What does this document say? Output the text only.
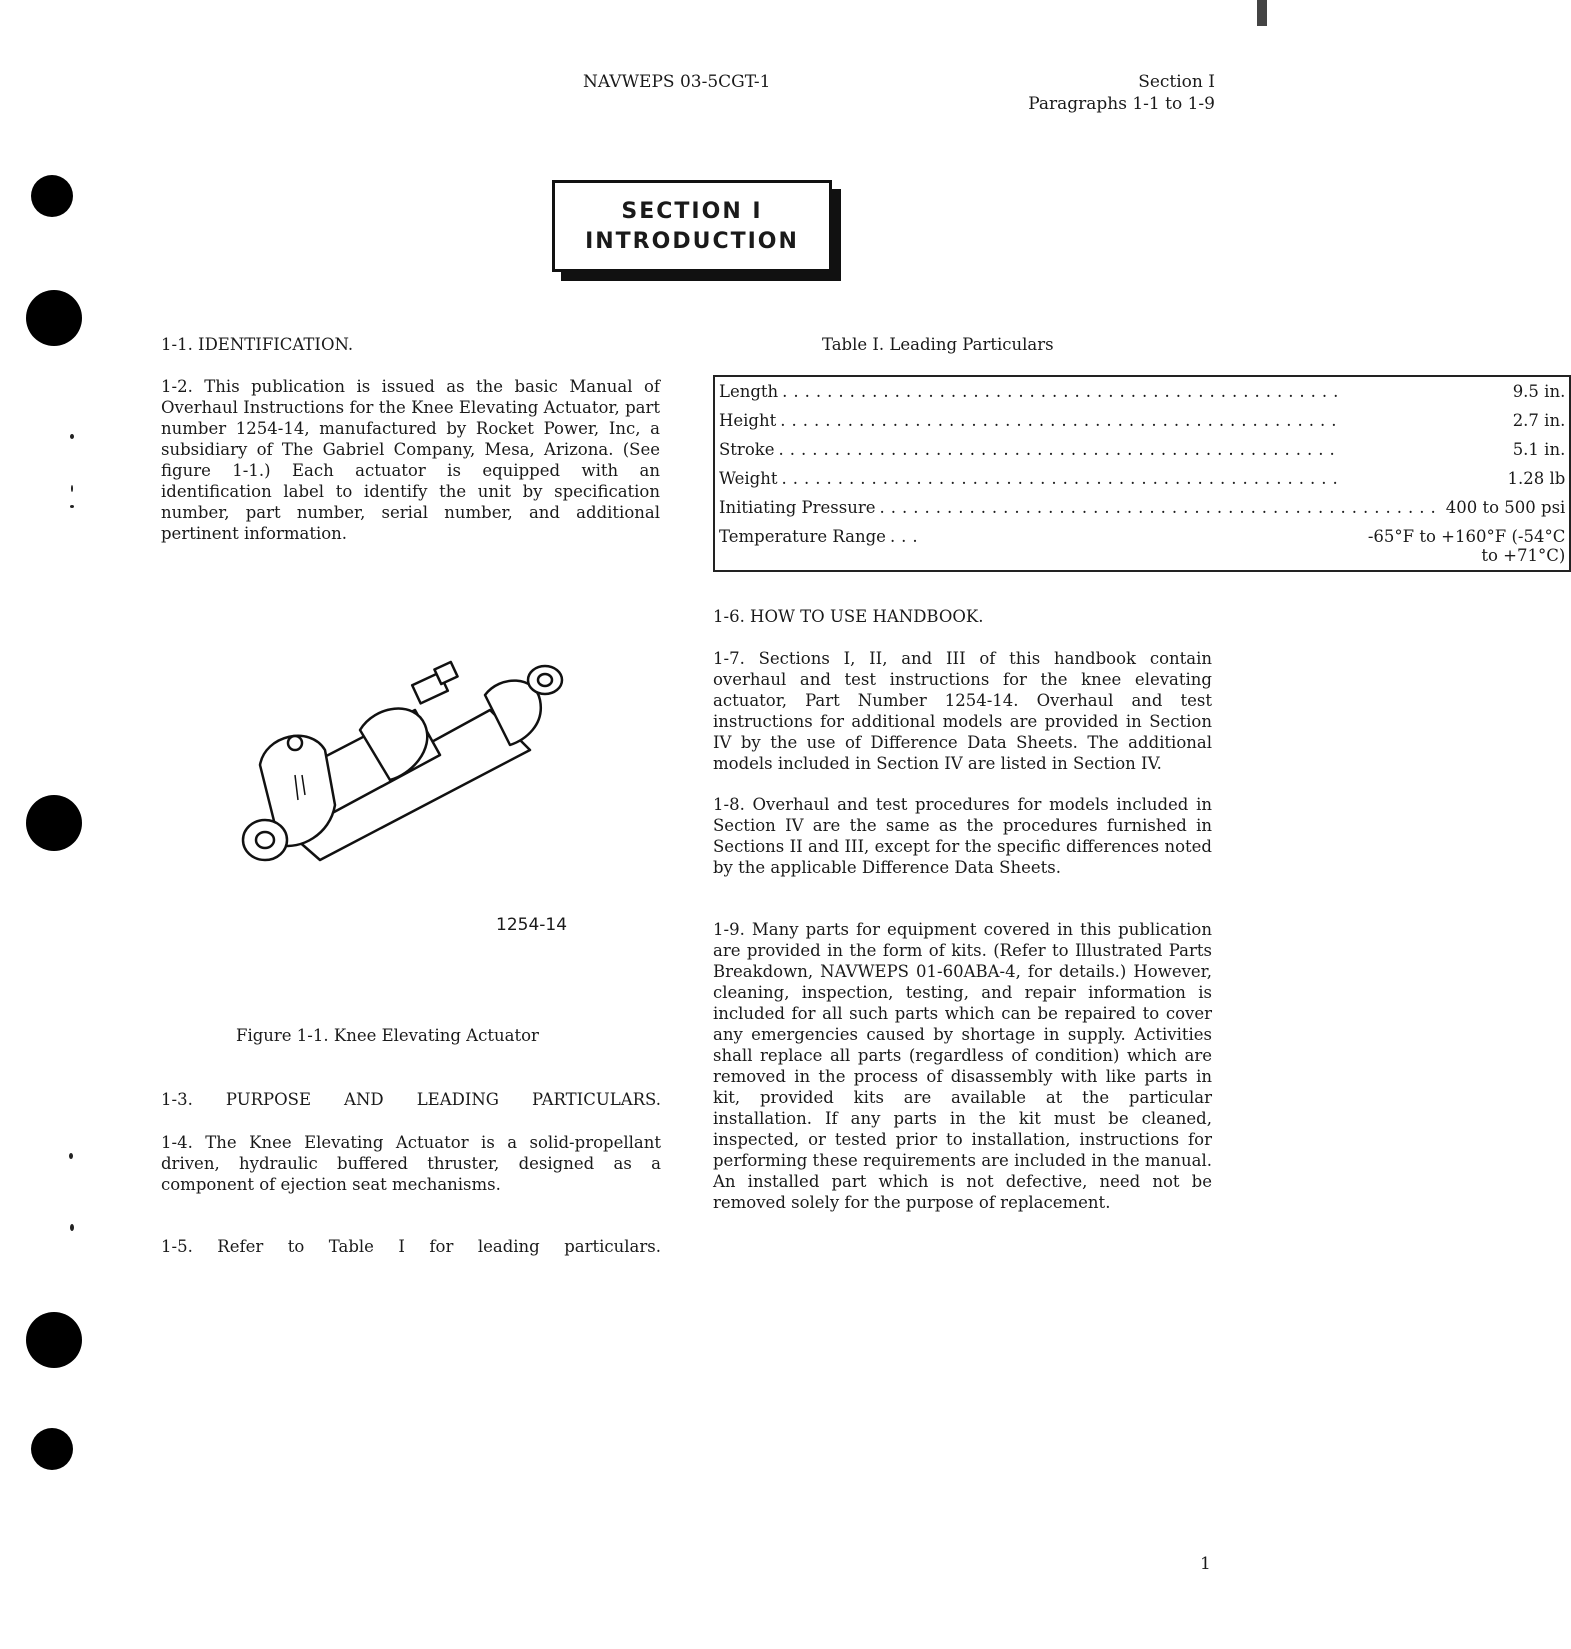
NAVWEPS 03-5CGT-1	Section I
Paragraphs 1-1 to 1-9
SECTION I
INTRODUCTION
1-1. IDENTIFICATION.

1-2. This publication is issued as the basic Manual of Overhaul Instructions for the Knee Elevating Actuator, part number 1254-14, manufactured by Rocket Power, Inc, a subsidiary of The Gabriel Company, Mesa, Arizona. (See figure 1-1.) Each actuator is equipped with an identification label to identify the unit by specification number, part number, serial number, and additional pertinent information.

1254-14
Figure 1-1. Knee Elevating Actuator
1-3. PURPOSE AND LEADING PARTICULARS.

1-4. The Knee Elevating Actuator is a solid-propellant driven, hydraulic buffered thruster, designed as a component of ejection seat mechanisms.

1-5. Refer to Table I for leading particulars.
Table I. Leading Particulars
Length ..................................................	9.5 in.

Height ..................................................	2.7 in.

Stroke ..................................................	5.1 in.

Weight ..................................................	1.28 lb

Initiating Pressure .................................................. 400 to 500 psi

Temperature Range ...	-65°F to +160°F (-54°C
to +71°C)
1-6. HOW TO USE HANDBOOK.

1-7. Sections I, II, and III of this handbook contain overhaul and test instructions for the knee elevating actuator, Part Number 1254-14. Overhaul and test instructions for additional models are provided in Section IV by the use of Difference Data Sheets. The additional models included in Section IV are listed in Section IV.

1-8. Overhaul and test procedures for models included in Section IV are the same as the procedures furnished in Sections II and III, except for the specific differences noted by the applicable Difference Data Sheets.

1-9. Many parts for equipment covered in this publication are provided in the form of kits. (Refer to Illustrated Parts Breakdown, NAVWEPS 01-60ABA-4, for details.) However, cleaning, inspection, testing, and repair information is included for all such parts which can be repaired to cover any emergencies caused by shortage in supply. Activities shall replace all parts (regardless of condition) which are removed in the process of disassembly with like parts in kit, provided kits are available at the particular installation. If any parts in the kit must be cleaned, inspected, or tested prior to installation, instructions for performing these requirements are included in the manual. An installed part which is not defective, need not be removed solely for the purpose of replacement.

1
